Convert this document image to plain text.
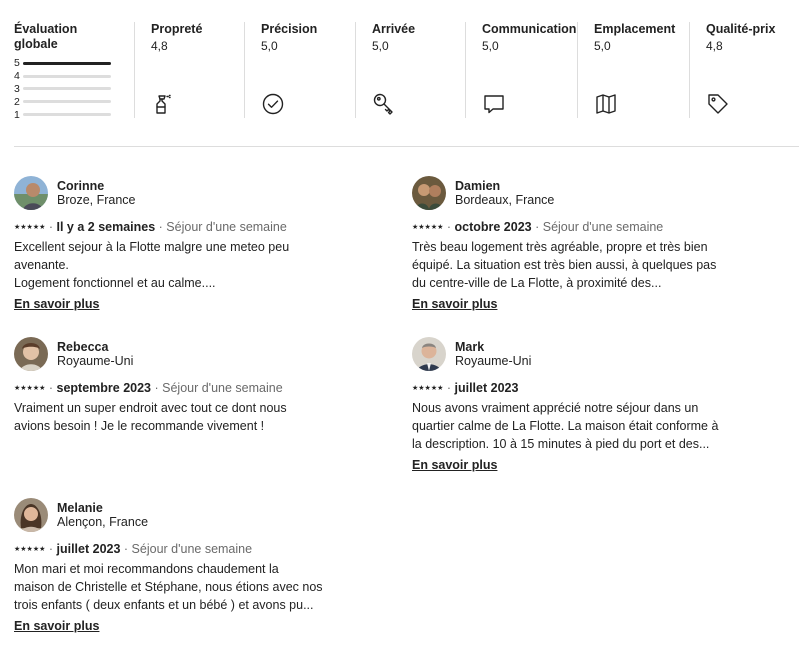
Évaluation globale
5
4
3
2
1
Propreté
4,8
Précision
5,0
Arrivée
5,0
Communication
5,0
Emplacement
5,0
Qualité-prix
4,8
Corinne
Broze, France
★★★★★ · Il y a 2 semaines · Séjour d'une semaine
Excellent sejour à la Flotte malgre une meteo peu
avenante.
Logement fonctionnel et au calme....
En savoir plus
Damien
Bordeaux, France
★★★★★ · octobre 2023 · Séjour d'une semaine
Très beau logement très agréable, propre et très bien
équipé. La situation est très bien aussi, à quelques pas
du centre-ville de La Flotte, à proximité des...
En savoir plus
Rebecca
Royaume-Uni
★★★★★ · septembre 2023 · Séjour d'une semaine
Vraiment un super endroit avec tout ce dont nous
avions besoin ! Je le recommande vivement !
Mark
Royaume-Uni
★★★★★ · juillet 2023
Nous avons vraiment apprécié notre séjour dans un
quartier calme de La Flotte. La maison était conforme à
la description. 10 à 15 minutes à pied du port et des...
En savoir plus
Melanie
Alençon, France
★★★★★ · juillet 2023 · Séjour d'une semaine
Mon mari et moi recommandons chaudement la
maison de Christelle et Stéphane, nous étions avec nos
trois enfants ( deux enfants et un bébé ) et avons pu...
En savoir plus
